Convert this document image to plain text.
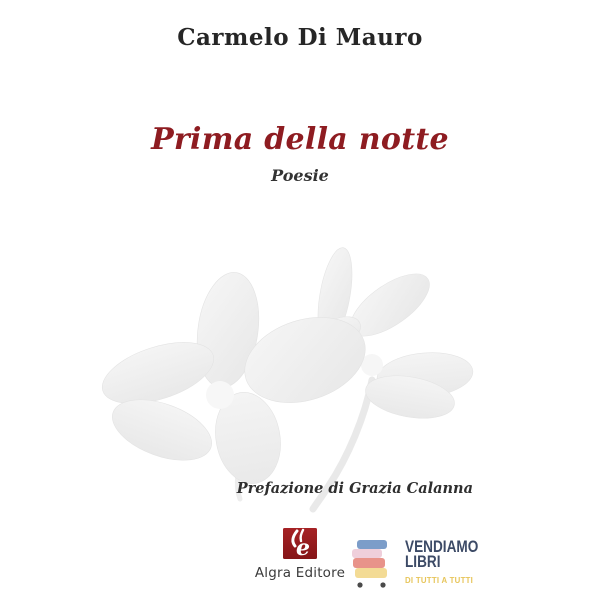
Carmelo Di Mauro
Prima della notte
Poesie
Prefazione di Grazia Calanna
e
Algra Editore
VENDIAMO
LIBRI
DI TUTTI A TUTTI
